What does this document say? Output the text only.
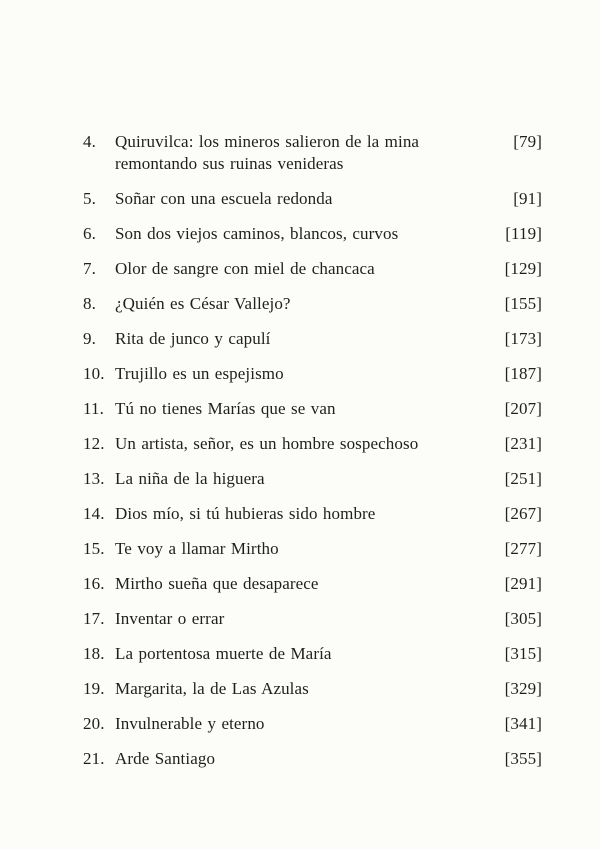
4.	Quiruvilca: los mineros salieron de la mina
remontando sus ruinas venideras
[79]
5.	Soñar con una escuela redonda	[91]
6.	Son dos viejos caminos, blancos, curvos	[119]
7.	Olor de sangre con miel de chancaca	[129]
8.	¿Quién es César Vallejo?	[155]
9.	Rita de junco y capulí	[173]
10. Trujillo es un espejismo	[187]
11. Tú no tienes Marías que se van	[207]
12. Un artista, señor, es un hombre sospechoso	[231]
13. La niña de la higuera	[251]
14. Dios mío, si tú hubieras sido hombre	[267]
15. Te voy a llamar Mirtho	[277]
16. Mirtho sueña que desaparece	[291]
17. Inventar o errar	[305]
18. La portentosa muerte de María	[315]
19. Margarita, la de Las Azulas	[329]
20. Invulnerable y eterno	[341]
21. Arde Santiago	[355]
